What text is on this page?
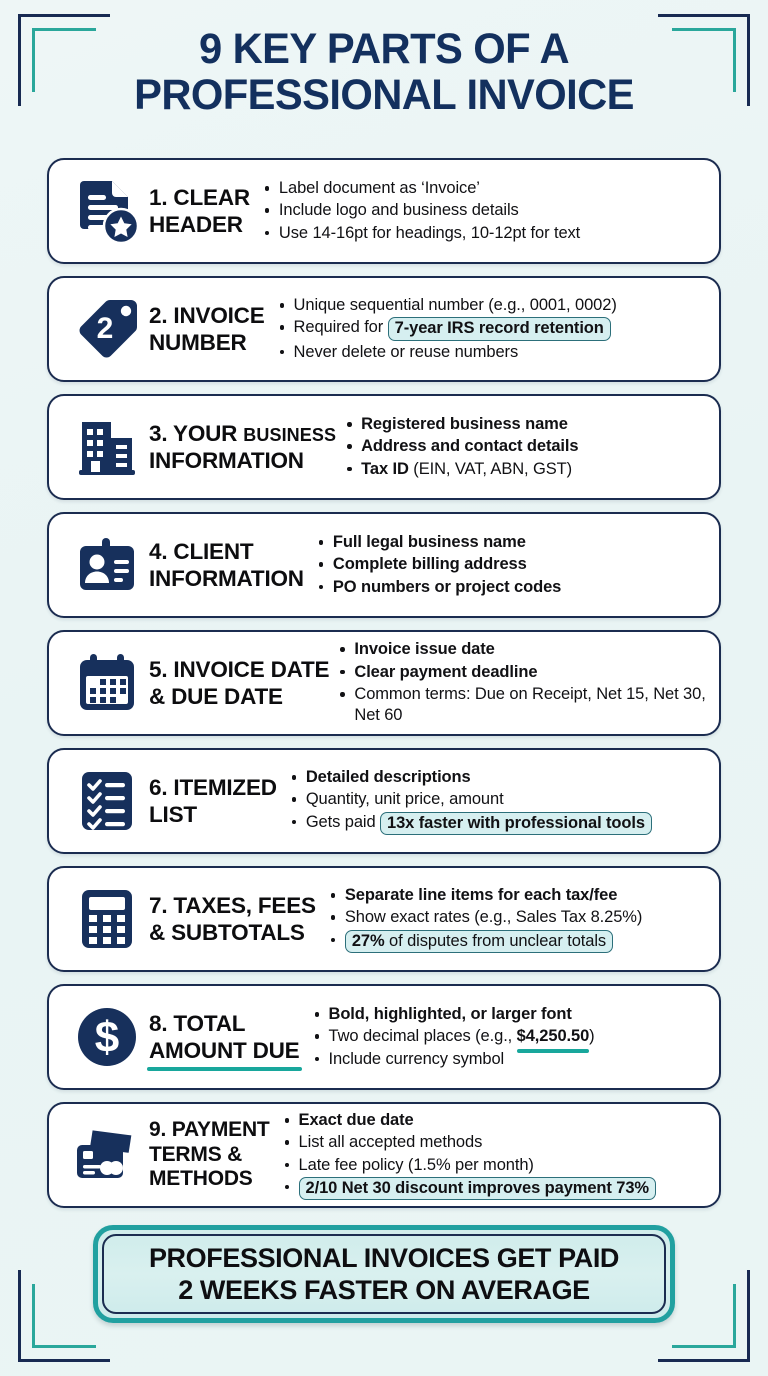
9 KEY PARTS OF A
PROFESSIONAL INVOICE
1. CLEAR
HEADER
Label document as ‘Invoice’
Include logo and business details
Use 14-16pt for headings, 10-12pt for text
2 2. INVOICE
NUMBER
Unique sequential number (e.g., 0001, 0002)
Required for 7-year IRS record retention
Never delete or reuse numbers
3. YOUR BUSINESS
INFORMATION
Registered business name
Address and contact details
Tax ID (EIN, VAT, ABN, GST)
4. CLIENT
INFORMATION
Full legal business name
Complete billing address
PO numbers or project codes
5. INVOICE DATE
& DUE DATE
Invoice issue date
Clear payment deadline
Common terms: Due on Receipt, Net 15, Net 30, Net 60
6. ITEMIZED
LIST
Detailed descriptions
Quantity, unit price, amount
Gets paid 13x faster with professional tools
7. TAXES, FEES
& SUBTOTALS
Separate line items for each tax/fee
Show exact rates (e.g., Sales Tax 8.25%)
27% of disputes from unclear totals
$ 8. TOTAL
AMOUNT DUE
Bold, highlighted, or larger font
Two decimal places (e.g., $4,250.50)
Include currency symbol
9. PAYMENT
TERMS &
METHODS
Exact due date
List all accepted methods
Late fee policy (1.5% per month)
2/10 Net 30 discount improves payment 73%
PROFESSIONAL INVOICES GET PAID
2 WEEKS FASTER ON AVERAGE
